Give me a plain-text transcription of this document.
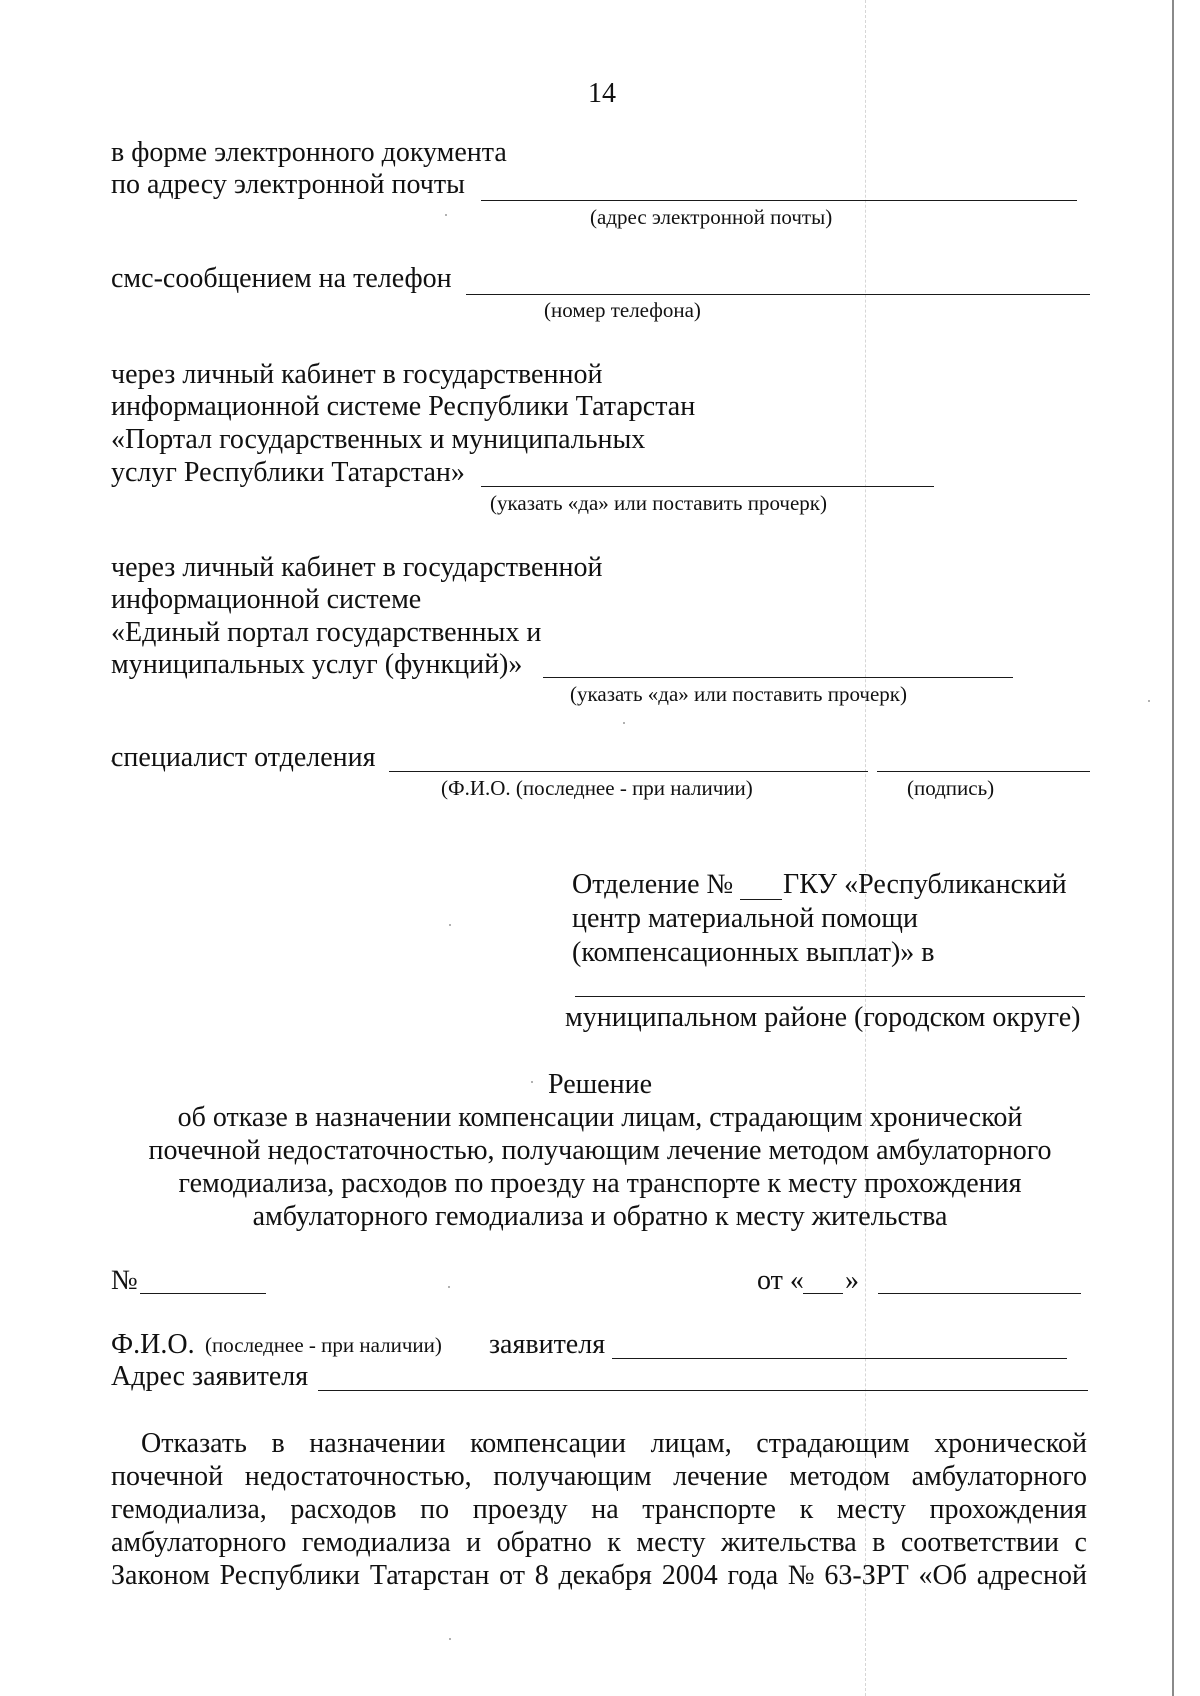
14
в форме электронного документа
по адресу электронной почты
(адрес электронной почты)
смс-сообщением на телефон
(номер телефона)
через личный кабинет в государственной
информационной системе Республики Татарстан
«Портал государственных и муниципальных
услуг Республики Татарстан»
(указать «да» или поставить прочерк)
через личный кабинет в государственной
информационной системе
«Единый портал государственных и
муниципальных услуг (функций)»
(указать «да» или поставить прочерк)
специалист отделения
(Ф.И.О. (последнее - при наличии)	(подпись)
Отделение № ГКУ «Республиканский
центр материальной помощи
(компенсационных выплат)» в
муниципальном районе (городском округе)
Решение
об отказе в назначении компенсации лицам, страдающим хронической
почечной недостаточностью, получающим лечение методом амбулаторного
гемодиализа, расходов по проезду на транспорте к месту прохождения
амбулаторного гемодиализа и обратно к месту жительства
№	от « »
Ф.И.О. (последнее - при наличии) заявителя
Адрес заявителя
Отказать в назначении компенсации лицам, страдающим хронической
почечной недостаточностью, получающим лечение методом амбулаторного
гемодиализа, расходов по проезду на транспорте к месту прохождения
амбулаторного гемодиализа и обратно к месту жительства в соответствии с
Законом Республики Татарстан от 8 декабря 2004 года № 63-ЗРТ «Об адресной
